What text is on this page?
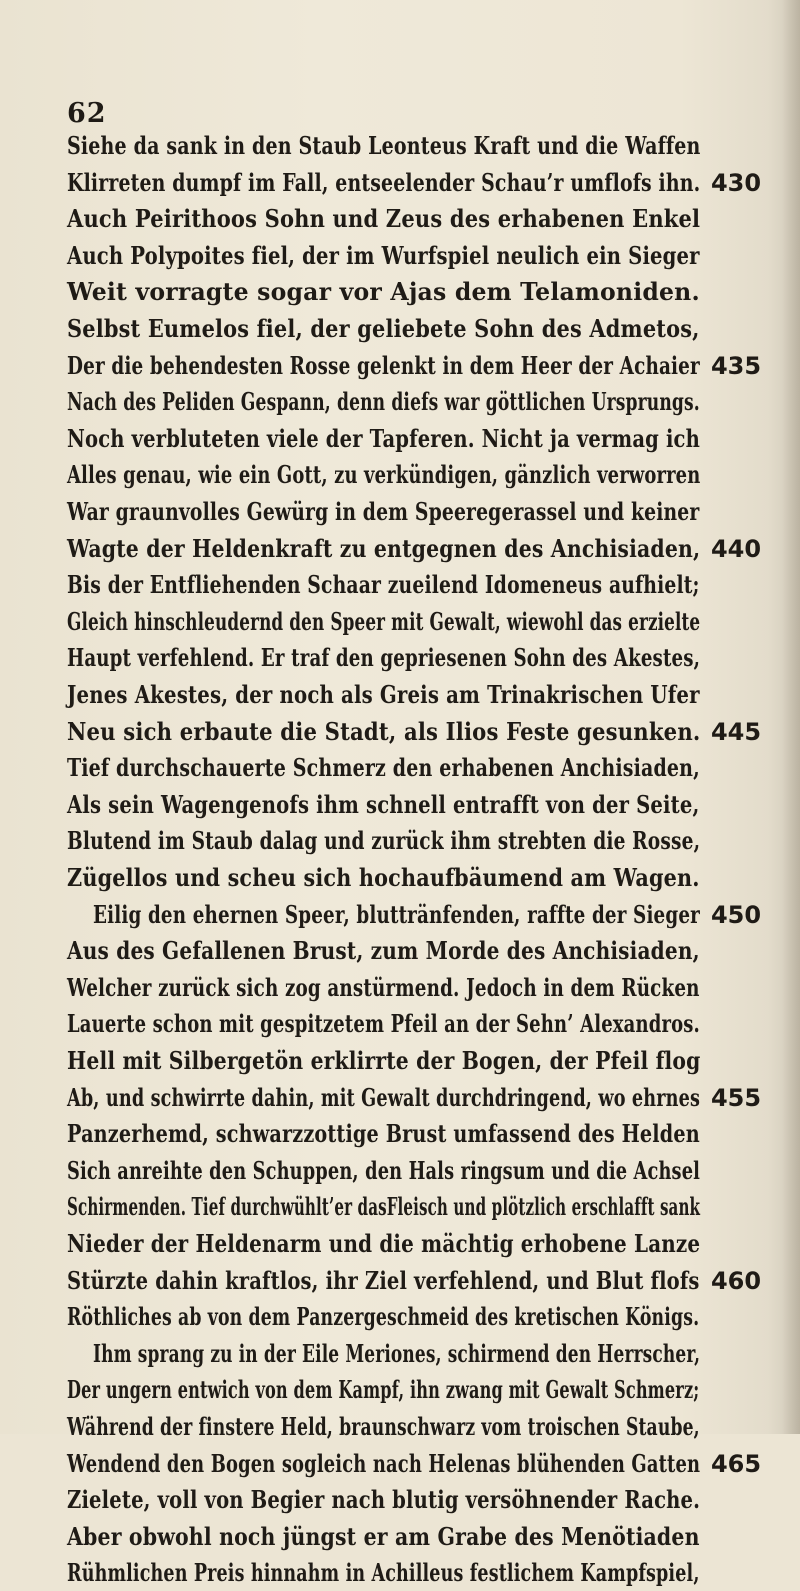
62
Siehe da sank in den Staub Leonteus Kraft und die Waffen
Klirreten dumpf im Fall, entseelender Schau’r umflofs ihn. 430
Auch Peirithoos Sohn und Zeus des erhabenen Enkel
Auch Polypoites fiel, der im Wurfspiel neulich ein Sieger
Weit vorragte sogar vor Ajas dem Telamoniden.
Selbst Eumelos fiel, der geliebete Sohn des Admetos,
Der die behendesten Rosse gelenkt in dem Heer der Achaier 435
Nach des Peliden Gespann, denn diefs war göttlichen Ursprungs.
Noch verbluteten viele der Tapferen. Nicht ja vermag ich
Alles genau, wie ein Gott, zu verkündigen, gänzlich verworren
War graunvolles Gewürg in dem Speeregerassel und keiner
Wagte der Heldenkraft zu entgegnen des Anchisiaden, 440
Bis der Entfliehenden Schaar zueilend Idomeneus aufhielt;
Gleich hinschleudernd den Speer mit Gewalt, wiewohl das erzielte
Haupt verfehlend. Er traf den gepriesenen Sohn des Akestes,
Jenes Akestes, der noch als Greis am Trinakrischen Ufer
Neu sich erbaute die Stadt, als Ilios Feste gesunken. 445
Tief durchschauerte Schmerz den erhabenen Anchisiaden,
Als sein Wagengenofs ihm schnell entrafft von der Seite,
Blutend im Staub dalag und zurück ihm strebten die Rosse,
Zügellos und scheu sich hochaufbäumend am Wagen.
Eilig den ehernen Speer, bluttränfenden, raffte der Sieger 450
Aus des Gefallenen Brust, zum Morde des Anchisiaden,
Welcher zurück sich zog anstürmend. Jedoch in dem Rücken
Lauerte schon mit gespitzetem Pfeil an der Sehn’ Alexandros.
Hell mit Silbergetön erklirrte der Bogen, der Pfeil flog
Ab, und schwirrte dahin, mit Gewalt durchdringend, wo ehrnes 455
Panzerhemd, schwarzzottige Brust umfassend des Helden
Sich anreihte den Schuppen, den Hals ringsum und die Achsel
Schirmenden. Tief durchwühlt’er dasFleisch und plötzlich erschlafft sank
Nieder der Heldenarm und die mächtig erhobene Lanze
Stürzte dahin kraftlos, ihr Ziel verfehlend, und Blut flofs 460
Röthliches ab von dem Panzergeschmeid des kretischen Königs.
Ihm sprang zu in der Eile Meriones, schirmend den Herrscher,
Der ungern entwich von dem Kampf, ihn zwang mit Gewalt Schmerz;
Während der finstere Held, braunschwarz vom troischen Staube,
Wendend den Bogen sogleich nach Helenas blühenden Gatten 465
Zielete, voll von Begier nach blutig versöhnender Rache.
Aber obwohl noch jüngst er am Grabe des Menötiaden
Rühmlichen Preis hinnahm in Achilleus festlichem Kampfspiel,
